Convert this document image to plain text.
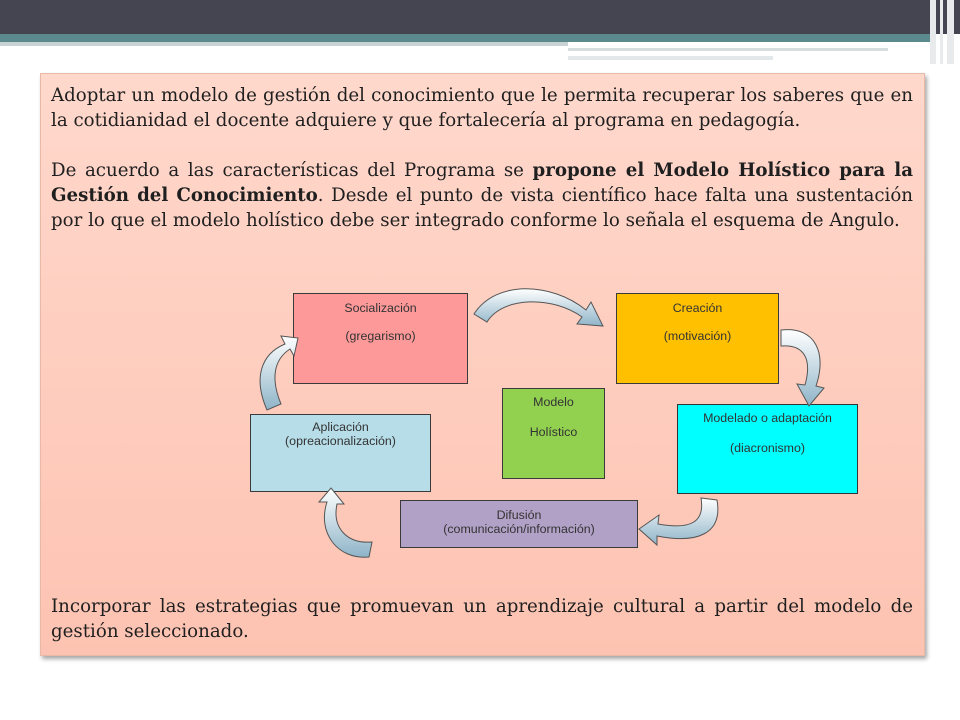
Adoptar un modelo de gestión del conocimiento que le permita recuperar los saberes que en la cotidianidad el docente adquiere y que fortalecería al programa en pedagogía.

De acuerdo a las características del Programa se propone el Modelo Holístico para la Gestión del Conocimiento. Desde el punto de vista científico hace falta una sustentación por lo que el modelo holístico debe ser integrado conforme lo señala el esquema de Angulo.

Socialización
(gregarismo)
Creación
(motivación)
Modelo
Holístico
Modelado o adaptación
(diacronismo)
Aplicación
(opreacionalización)
Difusión
(comunicación/información)

Incorporar las estrategias que promuevan un aprendizaje cultural a partir del modelo de gestión seleccionado.
